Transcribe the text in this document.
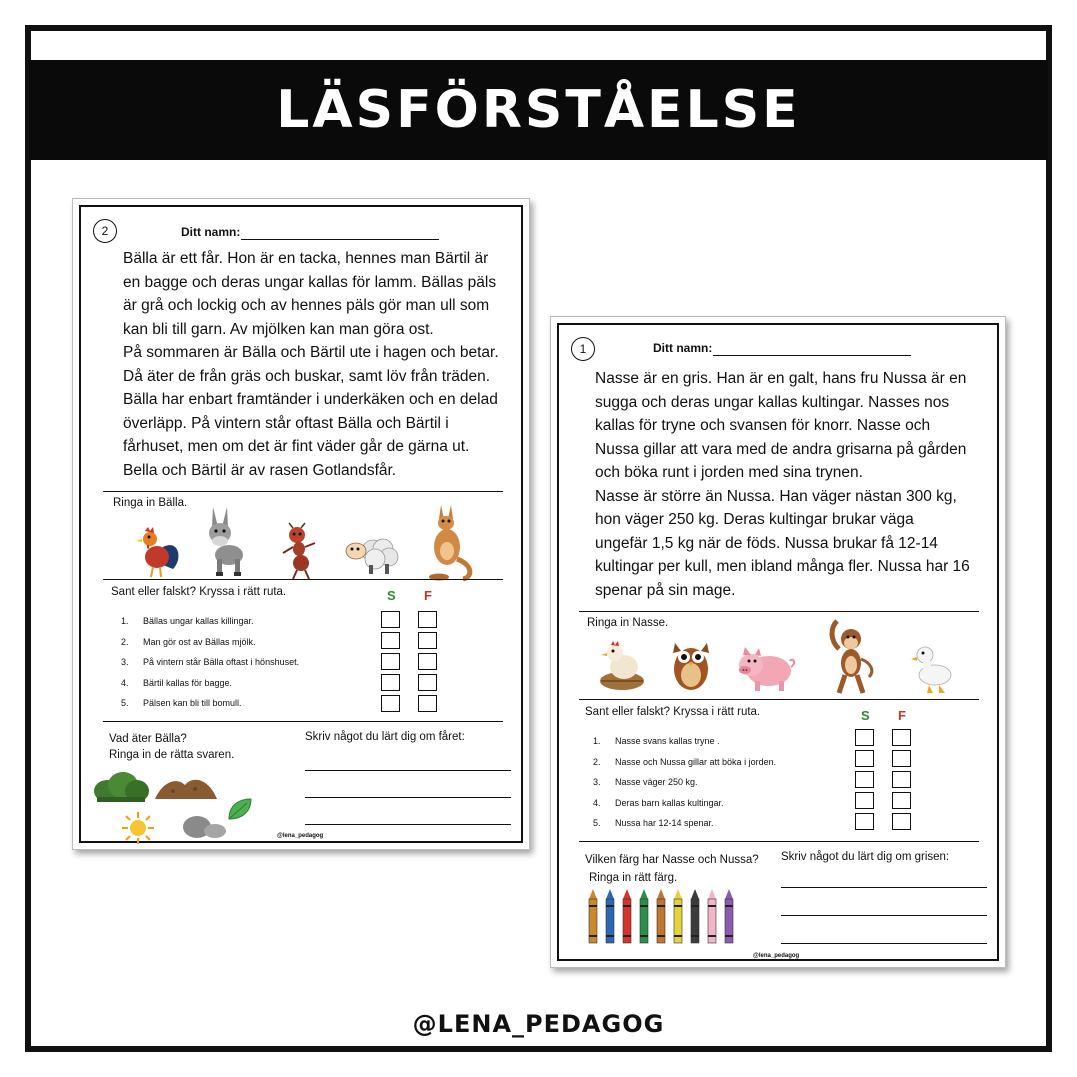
LÄSFÖRSTÅELSE
2	Ditt namn:
Bälla är ett får. Hon är en tacka, hennes man Bärtil är
en bagge och deras ungar kallas för lamm. Bällas päls
är grå och lockig och av hennes päls gör man ull som
kan bli till garn. Av mjölken kan man göra ost.
På sommaren är Bälla och Bärtil ute i hagen och betar.
Då äter de från gräs och buskar, samt löv från träden.
Bälla har enbart framtänder i underkäken och en delad
överläpp. På vintern står oftast Bälla och Bärtil i
fårhuset, men om det är fint väder går de gärna ut.
Bella och Bärtil är av rasen Gotlandsfår.
Ringa in Bälla.
Sant eller falskt? Kryssa i rätt ruta.	S F
1.	Bällas ungar kallas killingar.
2.	Man gör ost av Bällas mjölk.
3.	På vintern står Bälla oftast i hönshuset.
4.	Bärtil kallas för bagge.
5.	Pälsen kan bli till bomull.
Vad äter Bälla?
Ringa in de rätta svaren.
Skriv något du lärt dig om fåret:
@lena_pedagog
1	Ditt namn:
Nasse är en gris. Han är en galt, hans fru Nussa är en
sugga och deras ungar kallas kultingar. Nasses nos
kallas för tryne och svansen för knorr. Nasse och
Nussa gillar att vara med de andra grisarna på gården
och böka runt i jorden med sina trynen.
Nasse är större än Nussa. Han väger nästan 300 kg,
hon väger 250 kg. Deras kultingar brukar väga
ungefär 1,5 kg när de föds. Nussa brukar få 12-14
kultingar per kull, men ibland många fler. Nussa har 16
spenar på sin mage.
Ringa in Nasse.
Sant eller falskt? Kryssa i rätt ruta.	S F
1.	Nasse svans kallas tryne .
2.	Nasse och Nussa gillar att böka i jorden.
3.	Nasse väger 250 kg.
4.	Deras barn kallas kultingar.
5.	Nussa har 12-14 spenar.
Vilken färg har Nasse och Nussa?
Ringa in rätt färg.
Skriv något du lärt dig om grisen:
@lena_pedagog
@LENA_PEDAGOG
